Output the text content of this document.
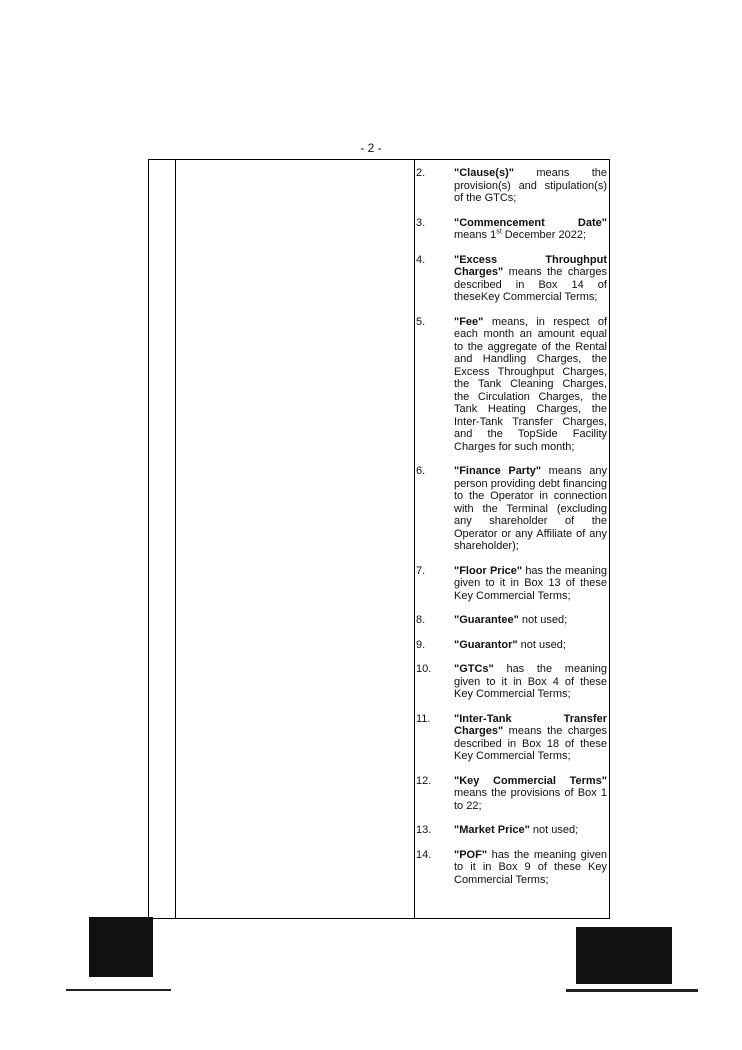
- 2 -
2.	"Clause(s)" means the provision(s) and stipulation(s) of the GTCs;
3.	"Commencement Date" means 1st December 2022;
4.	"Excess Throughput Charges" means the charges described in Box 14 of theseKey Commercial Terms;
5.	"Fee" means, in respect of each month an amount equal to the aggregate of the Rental and Handling Charges, the Excess Throughput Charges, the Tank Cleaning Charges, the Circulation Charges, the Tank Heating Charges, the Inter-Tank Transfer Charges, and the TopSide Facility Charges for such month;
6.	"Finance Party" means any person providing debt financing to the Operator in connection with the Terminal (excluding any shareholder of the Operator or any Affiliate of any shareholder);
7.	"Floor Price" has the meaning given to it in Box 13 of these Key Commercial Terms;
8.	"Guarantee" not used;
9.	"Guarantor" not used;
10. "GTCs" has the meaning given to it in Box 4 of these Key Commercial Terms;
11. "Inter-Tank Transfer Charges" means the charges described in Box 18 of these Key Commercial Terms;
12. "Key Commercial Terms" means the provisions of Box 1 to 22;
13. "Market Price" not used;
14. "POF" has the meaning given to it in Box 9 of these Key Commercial Terms;
